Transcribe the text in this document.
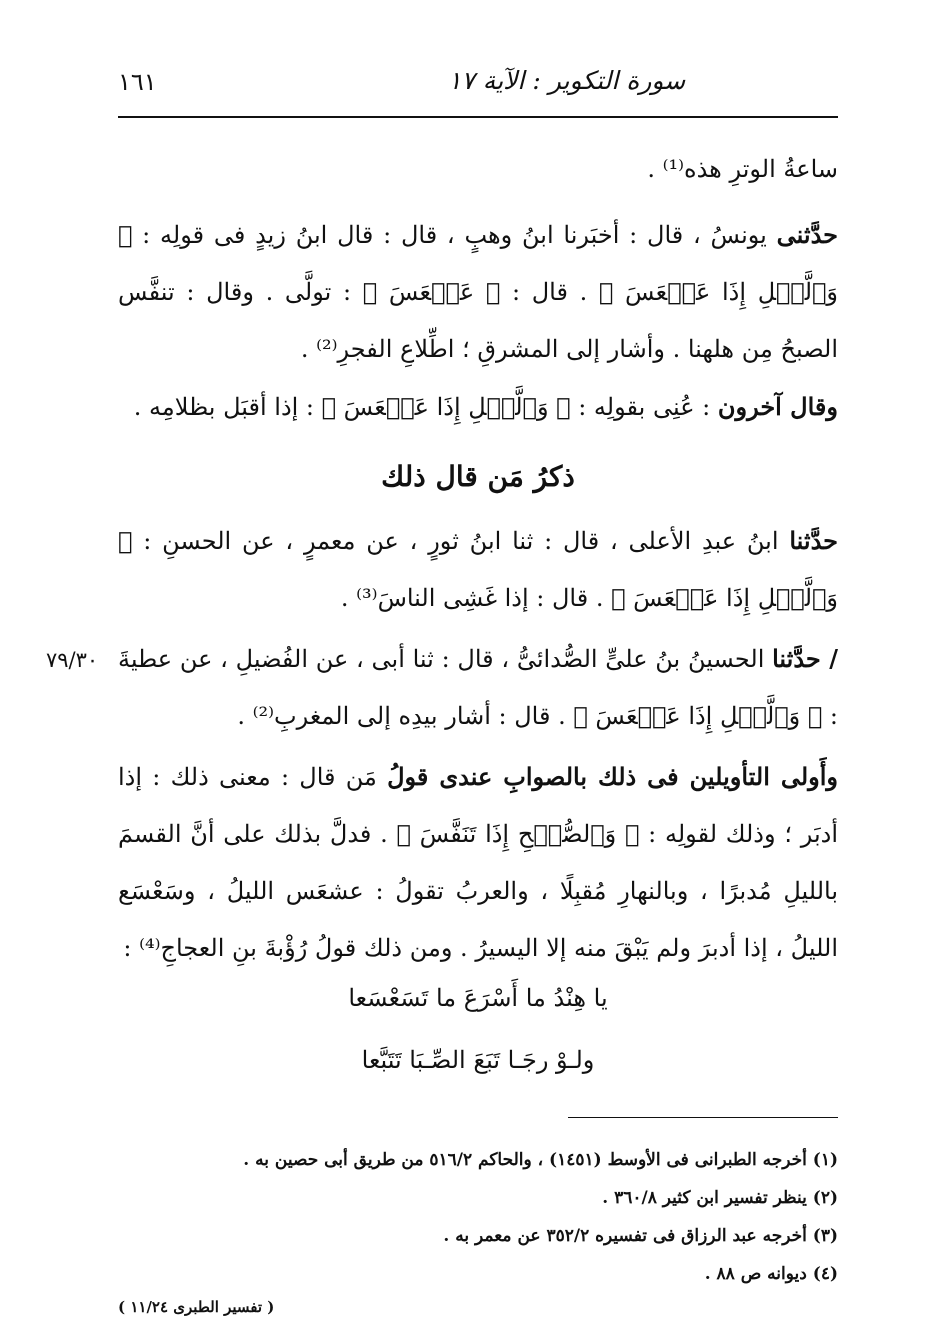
١٦١	سورة التكوير : الآية ١٧
ساعةُ الوترِ هذه⁽¹⁾ .
حدَّثنى يونسُ ، قال : أخبَرنا ابنُ وهبٍ ، قال : قال ابنُ زيدٍ فى قولِه : ﴿ وَٱلَّيۡلِ إِذَا عَسۡعَسَ ﴾ . قال : ﴿ عَسۡعَسَ ﴾ : تولَّى . وقال : تنفَّس الصبحُ مِن هلهنا . وأشار إلى المشرقِ ؛ اطِّلاعِ الفجرِ⁽²⁾ .
وقال آخرون : عُنِى بقولِه : ﴿ وَٱلَّيۡلِ إِذَا عَسۡعَسَ ﴾ : إذا أقبَل بظلامِه .
ذكرُ مَن قال ذلك
حدَّثنا ابنُ عبدِ الأعلى ، قال : ثنا ابنُ ثورٍ ، عن معمرٍ ، عن الحسنِ : ﴿ وَٱلَّيۡلِ إِذَا عَسۡعَسَ ﴾ . قال : إذا غَشِى الناسَ⁽³⁾ .
/ حدَّثنا الحسينُ بنُ علىٍّ الصُّدائىُّ ، قال : ثنا أبى ، عن الفُضيلِ ، عن عطيةَ : ﴿ وَٱلَّيۡلِ إِذَا عَسۡعَسَ ﴾ . قال : أشار بيدِه إلى المغربِ⁽²⁾ .
وأَولى التأويلين فى ذلك بالصوابِ عندى قولُ مَن قال : معنى ذلك : إذا أدبَر ؛ وذلك لقولِه : ﴿ وَٱلصُّبۡحِ إِذَا تَنَفَّسَ ﴾ . فدلَّ بذلك على أنَّ القسمَ بالليلِ مُدبرًا ، وبالنهارِ مُقبِلًا ، والعربُ تقولُ : عشعَس الليلُ ، وسَعْسَع الليلُ ، إذا أدبرَ ولم يَبْقَ منه إلا اليسيرُ . ومن ذلك قولُ رُؤْبةَ بنِ العجاجِ⁽⁴⁾ :
٧٩/٣٠
يا هِنْدُ ما أَسْرَعَ ما تَسَعْسَعا
ولـوْ رجَـا تَبَعَ الصِّـبَا تَتَبَّعا
(١) أخرجه الطبرانى فى الأوسط (١٤٥١) ، والحاكم ٥١٦/٢ من طريق أبى حصين به .
(٢) ينظر تفسير ابن كثير ٣٦٠/٨ .
(٣) أخرجه عبد الرزاق فى تفسيره ٣٥٢/٢ عن معمر به .
(٤) ديوانه ص ٨٨ .
( تفسير الطبرى ١١/٢٤ )
